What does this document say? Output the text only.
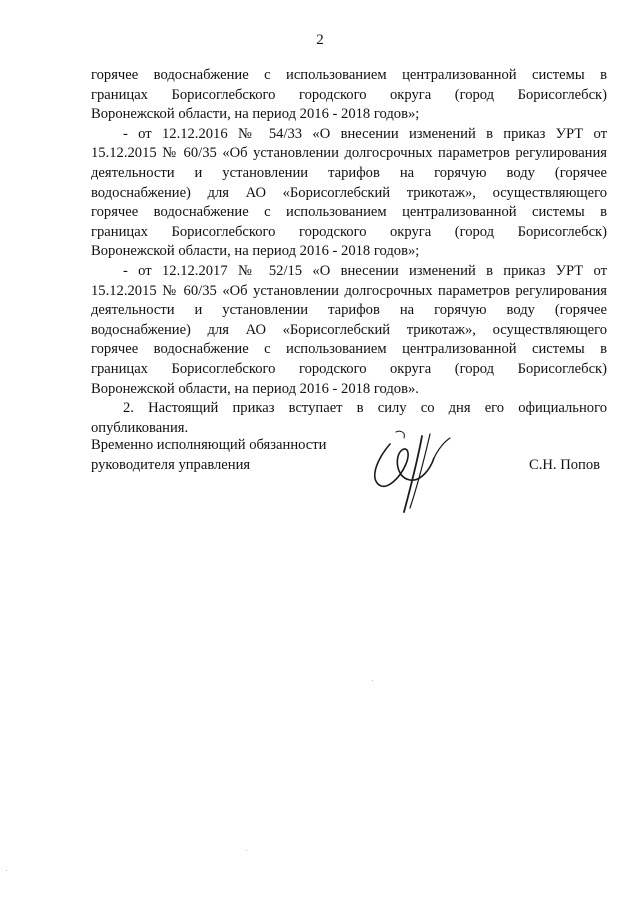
2
горячее водоснабжение с использованием централизованной системы в
границах Борисоглебского городского округа (город Борисоглебск)
Воронежской области, на период 2016 - 2018 годов»;
- от 12.12.2016 № 54/33 «О внесении изменений в приказ УРТ от
15.12.2015 № 60/35 «Об установлении долгосрочных параметров регулирования
деятельности и установлении тарифов на горячую воду (горячее
водоснабжение) для АО «Борисоглебский трикотаж», осуществляющего
горячее водоснабжение с использованием централизованной системы в
границах Борисоглебского городского округа (город Борисоглебск)
Воронежской области, на период 2016 - 2018 годов»;
- от 12.12.2017 № 52/15 «О внесении изменений в приказ УРТ от
15.12.2015 № 60/35 «Об установлении долгосрочных параметров регулирования
деятельности и установлении тарифов на горячую воду (горячее
водоснабжение) для АО «Борисоглебский трикотаж», осуществляющего
горячее водоснабжение с использованием централизованной системы в
границах Борисоглебского городского округа (город Борисоглебск)
Воронежской области, на период 2016 - 2018 годов».
2. Настоящий приказ вступает в силу со дня его официального
опубликования.
Временно исполняющий обязанности
руководителя управления	С.Н. Попов
